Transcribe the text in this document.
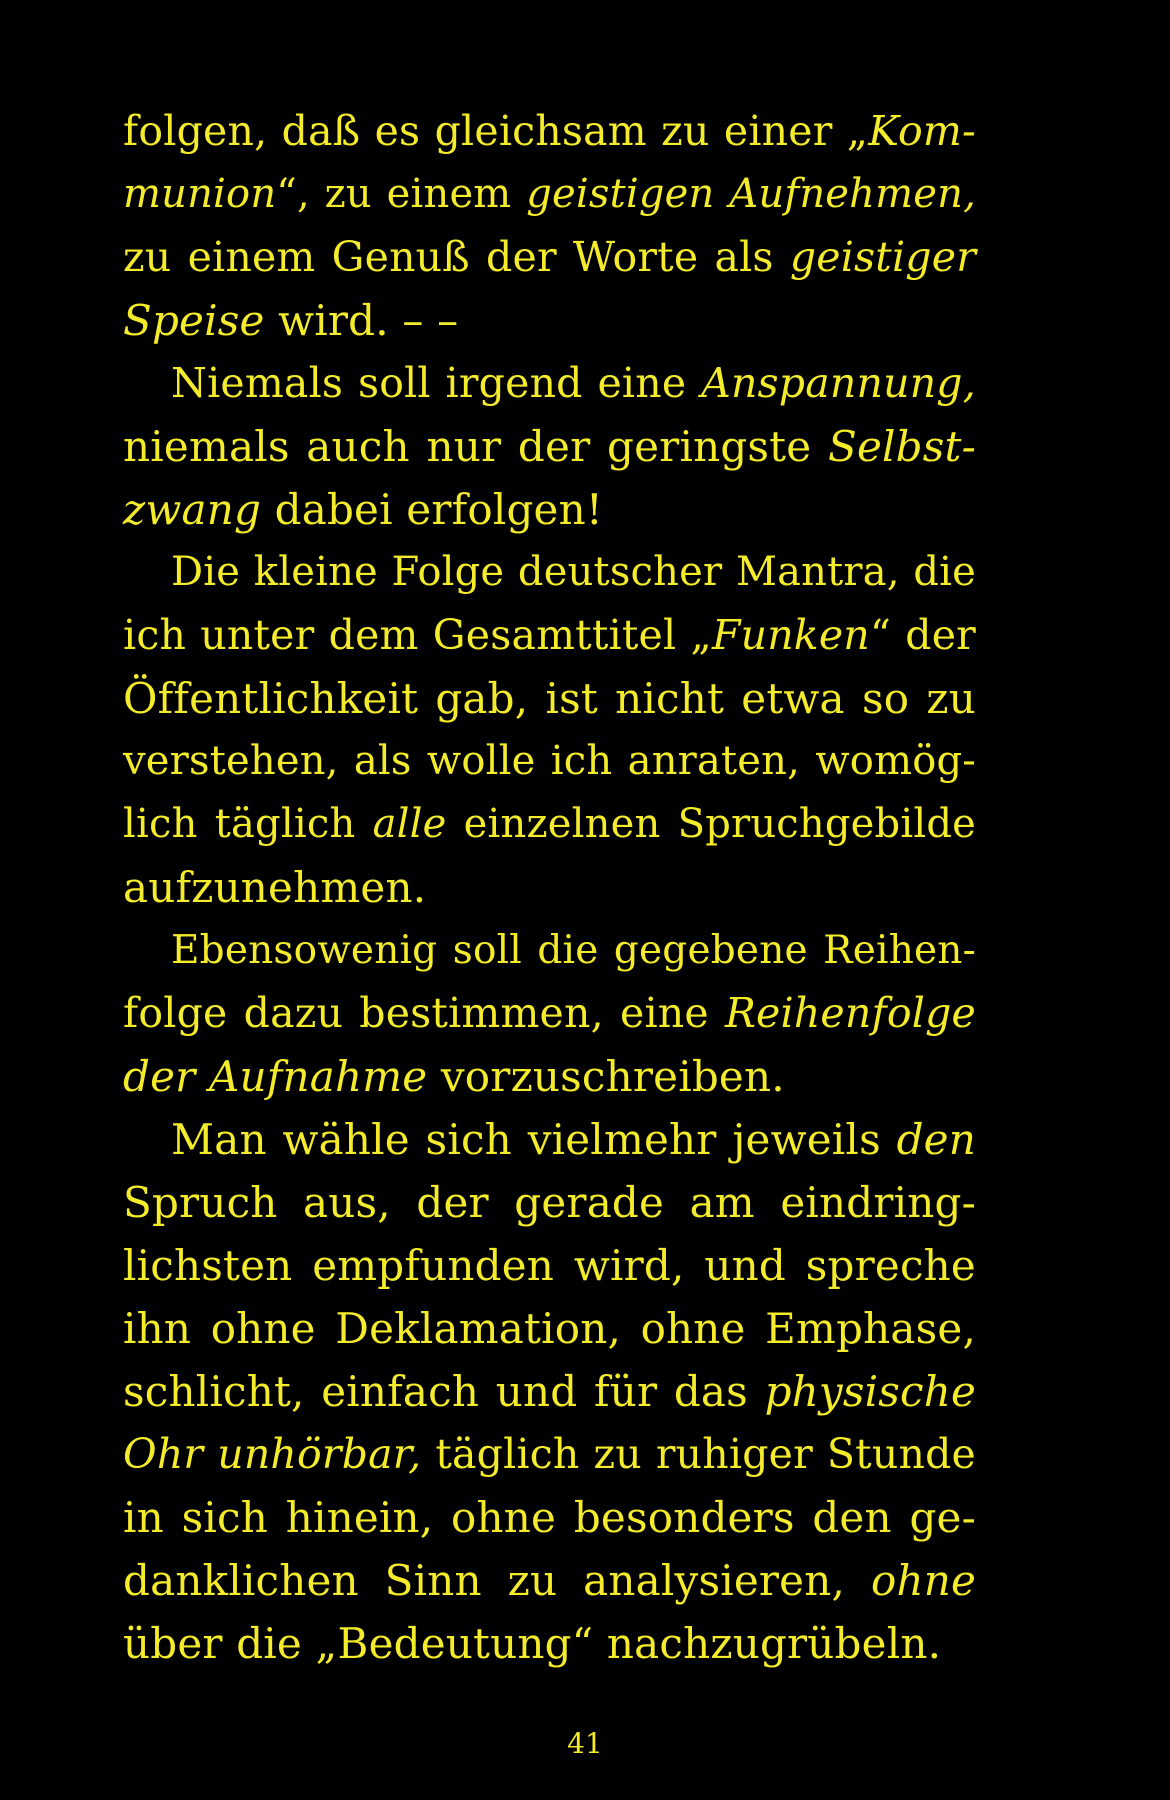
folgen, daß es gleichsam zu einer „Kom-
munion“, zu einem geistigen Aufnehmen,
zu einem Genuß der Worte als geistiger
Speise wird. – –
Niemals soll irgend eine Anspannung,
niemals auch nur der geringste Selbst-
zwang dabei erfolgen!
Die kleine Folge deutscher Mantra, die
ich unter dem Gesamttitel „Funken“ der
Öffentlichkeit gab, ist nicht etwa so zu
verstehen, als wolle ich anraten, womög-
lich täglich alle einzelnen Spruchgebilde
aufzunehmen.
Ebensowenig soll die gegebene Reihen-
folge dazu bestimmen, eine Reihenfolge
der Aufnahme vorzuschreiben.
Man wähle sich vielmehr jeweils den
Spruch aus, der gerade am eindring-
lichsten empfunden wird, und spreche
ihn ohne Deklamation, ohne Emphase,
schlicht, einfach und für das physische
Ohr unhörbar, täglich zu ruhiger Stunde
in sich hinein, ohne besonders den ge-
danklichen Sinn zu analysieren, ohne
über die „Bedeutung“ nachzugrübeln.
41
